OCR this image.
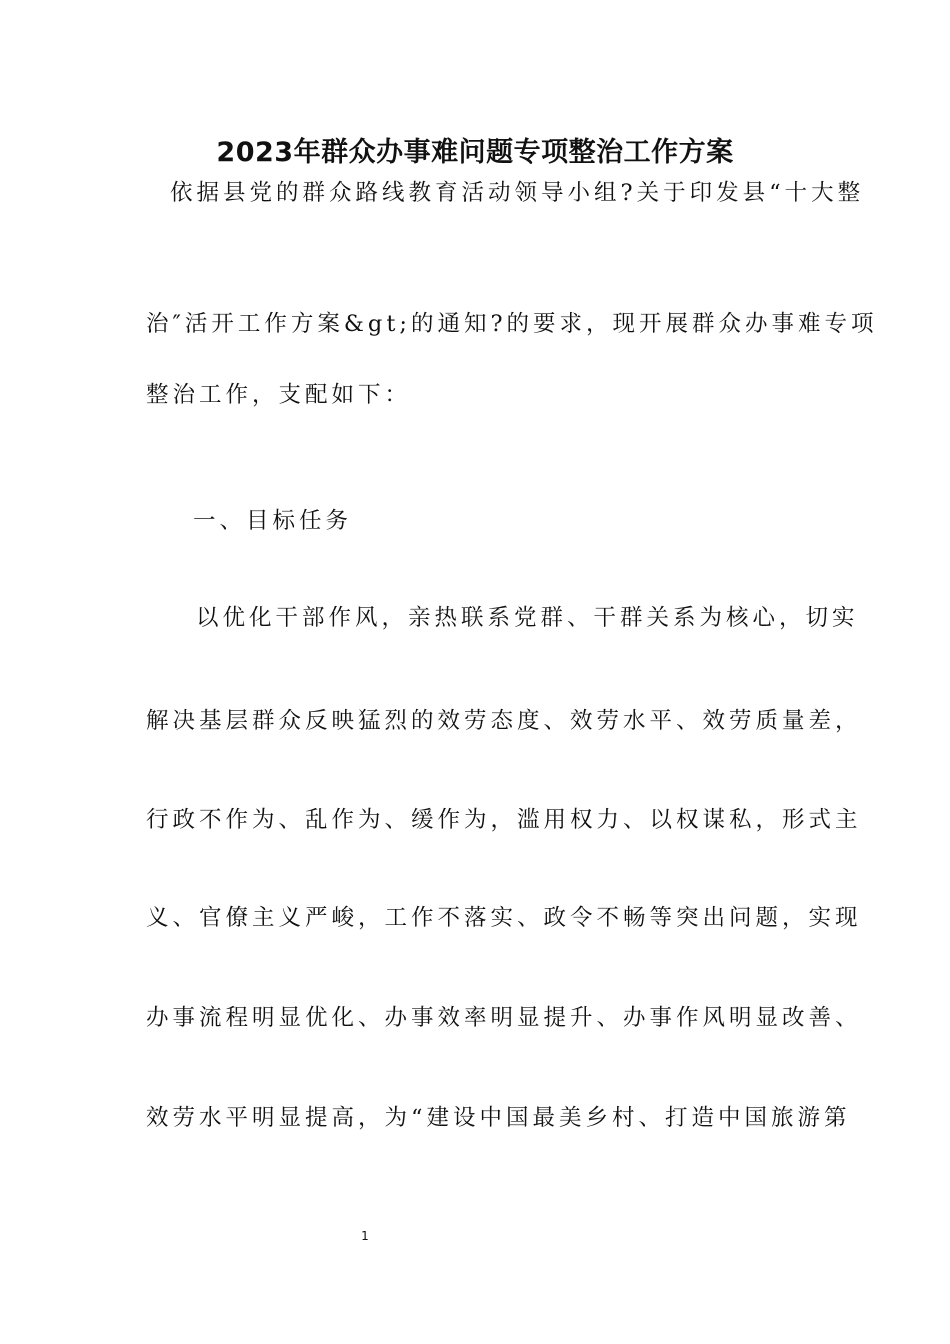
2023年群众办事难问题专项整治工作方案
依据县党的群众路线教育活动领导小组?关于印发县“十大整
治″活开工作方案&gt;的通知?的要求，现开展群众办事难专项
整治工作，支配如下：
一、目标任务
以优化干部作风，亲热联系党群、干群关系为核心，切实
解决基层群众反映猛烈的效劳态度、效劳水平、效劳质量差，
行政不作为、乱作为、缓作为，滥用权力、以权谋私，形式主
义、官僚主义严峻，工作不落实、政令不畅等突出问题，实现
办事流程明显优化、办事效率明显提升、办事作风明显改善、
效劳水平明显提高，为“建设中国最美乡村、打造中国旅游第
1
